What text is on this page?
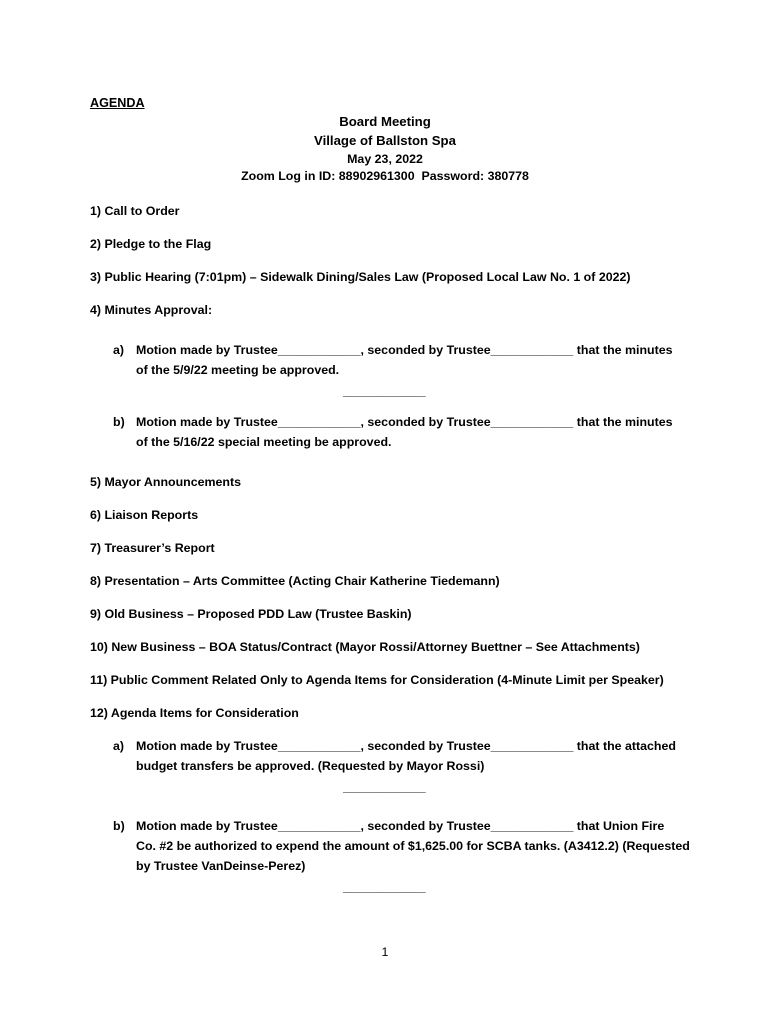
AGENDA

Board Meeting

Village of Ballston Spa

May 23, 2022

Zoom Log in ID: 88902961300  Password: 380778

1) Call to Order

2) Pledge to the Flag

3) Public Hearing (7:01pm) – Sidewalk Dining/Sales Law (Proposed Local Law No. 1 of 2022)

4) Minutes Approval:

a) Motion made by Trustee____________, seconded by Trustee____________ that the minutes

of the 5/9/22 meeting be approved.

____________

b) Motion made by Trustee____________, seconded by Trustee____________ that the minutes

of the 5/16/22 special meeting be approved.

5) Mayor Announcements

6) Liaison Reports

7) Treasurer’s Report

8) Presentation – Arts Committee (Acting Chair Katherine Tiedemann)

9) Old Business – Proposed PDD Law (Trustee Baskin)

10) New Business – BOA Status/Contract (Mayor Rossi/Attorney Buettner – See Attachments)

11) Public Comment Related Only to Agenda Items for Consideration (4-Minute Limit per Speaker)

12) Agenda Items for Consideration

a) Motion made by Trustee____________, seconded by Trustee____________ that the attached

budget transfers be approved. (Requested by Mayor Rossi)

____________

b) Motion made by Trustee____________, seconded by Trustee____________ that Union Fire

Co. #2 be authorized to expend the amount of $1,625.00 for SCBA tanks. (A3412.2) (Requested

by Trustee VanDeinse-Perez)

____________

1
